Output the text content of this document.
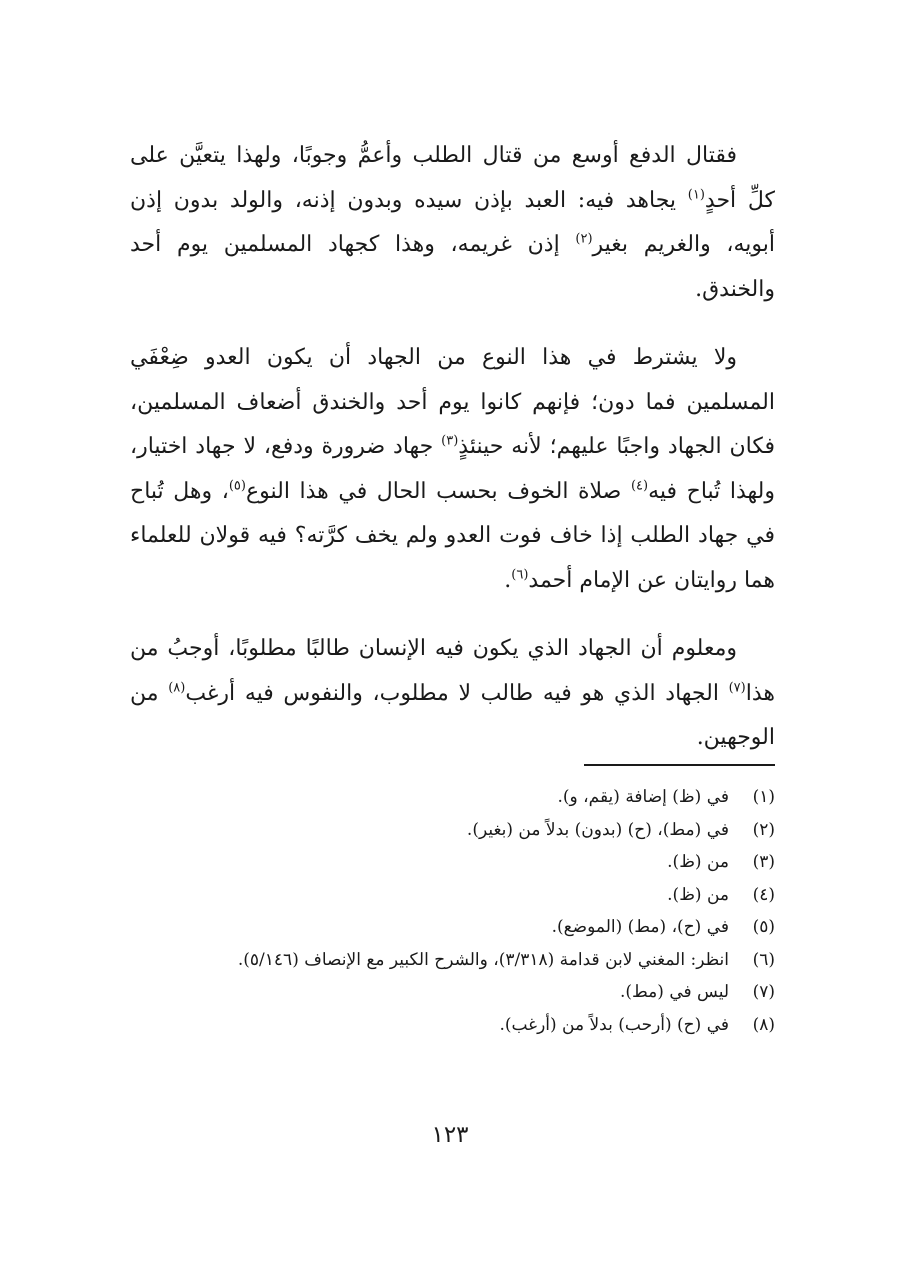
فقتال الدفع أوسع من قتال الطلب وأعمُّ وجوبًا، ولهذا يتعيَّن على كلِّ أحدٍ$^{(١)}$ يجاهد فيه: العبد بإذن سيده وبدون إذنه، والولد بدون إذن أبويه، والغريم بغير$^{(٢)}$ إذن غريمه، وهذا كجهاد المسلمين يوم أحد والخندق.

ولا يشترط في هذا النوع من الجهاد أن يكون العدو ضِعْفَي المسلمين فما دون؛ فإنهم كانوا يوم أحد والخندق أضعاف المسلمين، فكان الجهاد واجبًا عليهم؛ لأنه حينئذٍ$^{(٣)}$ جهاد ضرورة ودفع، لا جهاد اختيار، ولهذا تُباح فيه$^{(٤)}$ صلاة الخوف بحسب الحال في هذا النوع$^{(٥)}$، وهل تُباح في جهاد الطلب إذا خاف فوت العدو ولم يخف كرَّته؟ فيه قولان للعلماء هما روايتان عن الإمام أحمد$^{(٦)}$.

ومعلوم أن الجهاد الذي يكون فيه الإنسان طالبًا مطلوبًا، أوجبُ من هذا$^{(٧)}$ الجهاد الذي هو فيه طالب لا مطلوب، والنفوس فيه أرغب$^{(٨)}$ من الوجهين.

(١)
في (ظ) إضافة (يقم، و).
(٢)
في (مط)، (ح) (بدون) بدلاً من (بغير).
(٣)
من (ظ).
(٤)
من (ظ).
(٥)
في (ح)، (مط) (الموضع).
(٦)
انظر: المغني لابن قدامة (٣/٣١٨)، والشرح الكبير مع الإنصاف (٥/١٤٦).
(٧)
ليس في (مط).
(٨)
في (ح) (أرحب) بدلاً من (أرغب).
١٢٣
